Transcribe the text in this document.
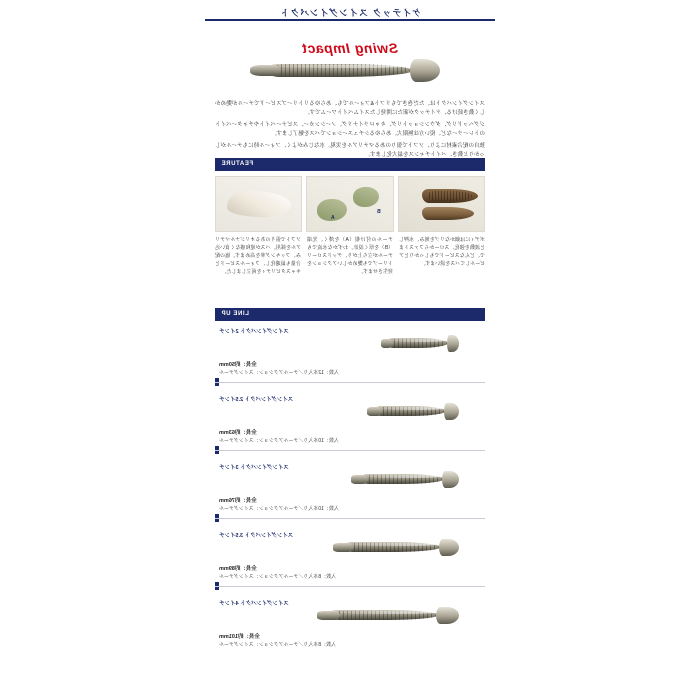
ケイテック スイングインパクト
Swing Impact

スイングインパクトは、ただ巻きでもリフト&フォールでも、あらゆるリトリーブスピードでテールが艶めかしく動き続ける、ケイテックが新たに開発したスイムベイトワームです。

ジグヘッドリグ、ダウンショットリグ、キャロライナリグ、ノーシンカー、スピナーベイトやチャターベイトのトレーラーなど、使い方は無限大。あらゆるシチュエーションでバスを魅了します。

独自の配合素材により、ソフトで張りのあるマテリアルを実現。水なじみがよく、フォール時にもテールがしっかりと動き、バイトチャンスを最大化します。

FEATURE
A
B
ボディには細かなリブを刻み、水押しと波動を強化。スローからファストまで、どんなスピードでもしっかりとアピールしてバスを誘います。
テールの付け根（A）を薄く、先端（B）を厚く設計。わずかな水流でもテールが立ち上がり、デッドスローリトリーブでも艶めかしいアクションを発生させます。
ソフトで張りのあるオリジナルマテリアルを採用。バスが違和感なく食い込み、フッキング率を高めます。塩の配合量も最適化し、フォールスピードとキャスタビリティを両立しました。
LINE UP
スイングインパクト 2インチ
全長：約50mm
入数：12本入り／テールアクション：スイングテール
スイングインパクト 2.5インチ
全長：約63mm
入数：10本入り／テールアクション：スイングテール
スイングインパクト 3インチ
全長：約76mm
入数：10本入り／テールアクション：スイングテール
スイングインパクト 3.5インチ
全長：約89mm
入数：8本入り／テールアクション：スイングテール
スイングインパクト 4インチ
全長：約101mm
入数：8本入り／テールアクション：スイングテール
